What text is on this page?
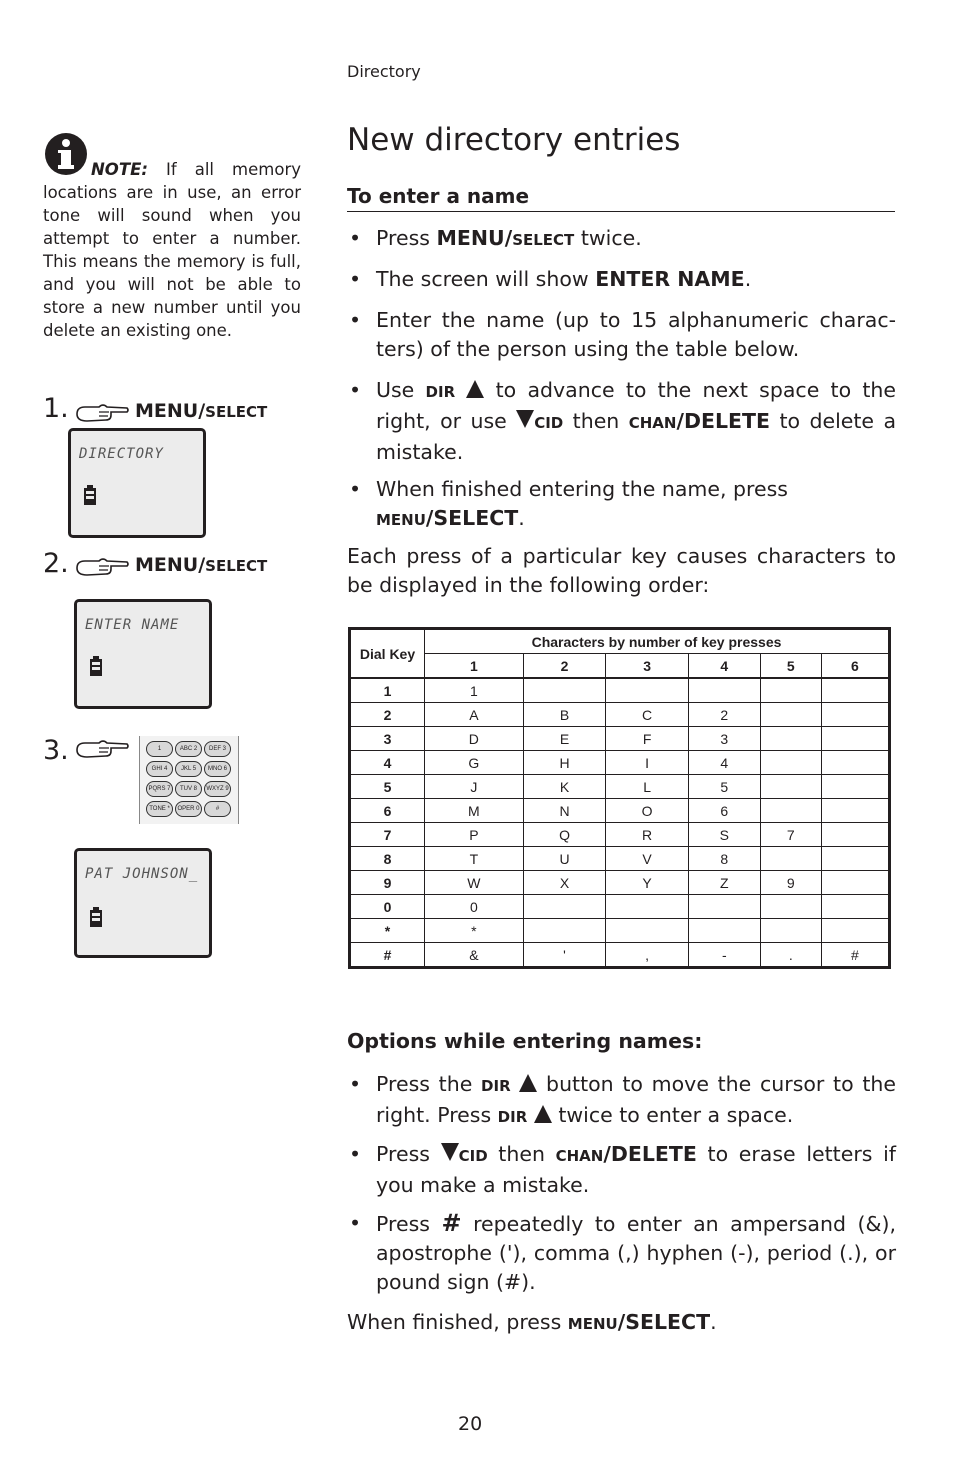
Directory
NOTE: If all memory locations are in use, an error tone will sound when you attempt to enter a number. This means the memory is full, and you will not be able to store a new number until you delete an existing one.
1.	MENU/SELECT
DIRECTORY
2.	MENU/SELECT
ENTER NAME
3.	1	ABC 2	DEF 3
GHI 4	JKL 5	MNO 6
PQRS 7	TUV 8	WXYZ 9
TONE *	OPER 0	#
PAT JOHNSON_
New directory entries
To enter a name
• Press MENU/SELECT twice.
• The screen will show ENTER NAME.
• Enter the name (up to 15 alphanumeric charac-ters) of the person using the table below.
• Use DIR  to advance to the next space to the right, or use CID then CHAN/DELETE to delete a mistake.
• When finished entering the name, press MENU/SELECT.
Each press of a particular key causes characters to be displayed in the following order:
Dial Key	Characters by number of key presses					
	1	2	3	4	5	6
1	1					
2	A	B	C	2		
3	D	E	F	3		
4	G	H	I	4		
5	J	K	L	5		
6	M	N	O	6		
7	P	Q	R	S	7	
8	T	U	V	8		
9	W	X	Y	Z	9	
0	0					
*	*					
#	&	'	,	-	.	#
Options while entering names:
• Press the DIR  button to move the cursor to the right. Press DIR  twice to enter a space.
• Press CID then CHAN/DELETE to erase letters if you make a mistake.
• Press # repeatedly to enter an ampersand (&), apostrophe ('), comma (,) hyphen (-), period (.), or pound sign (#).
When finished, press MENU/SELECT.
20
